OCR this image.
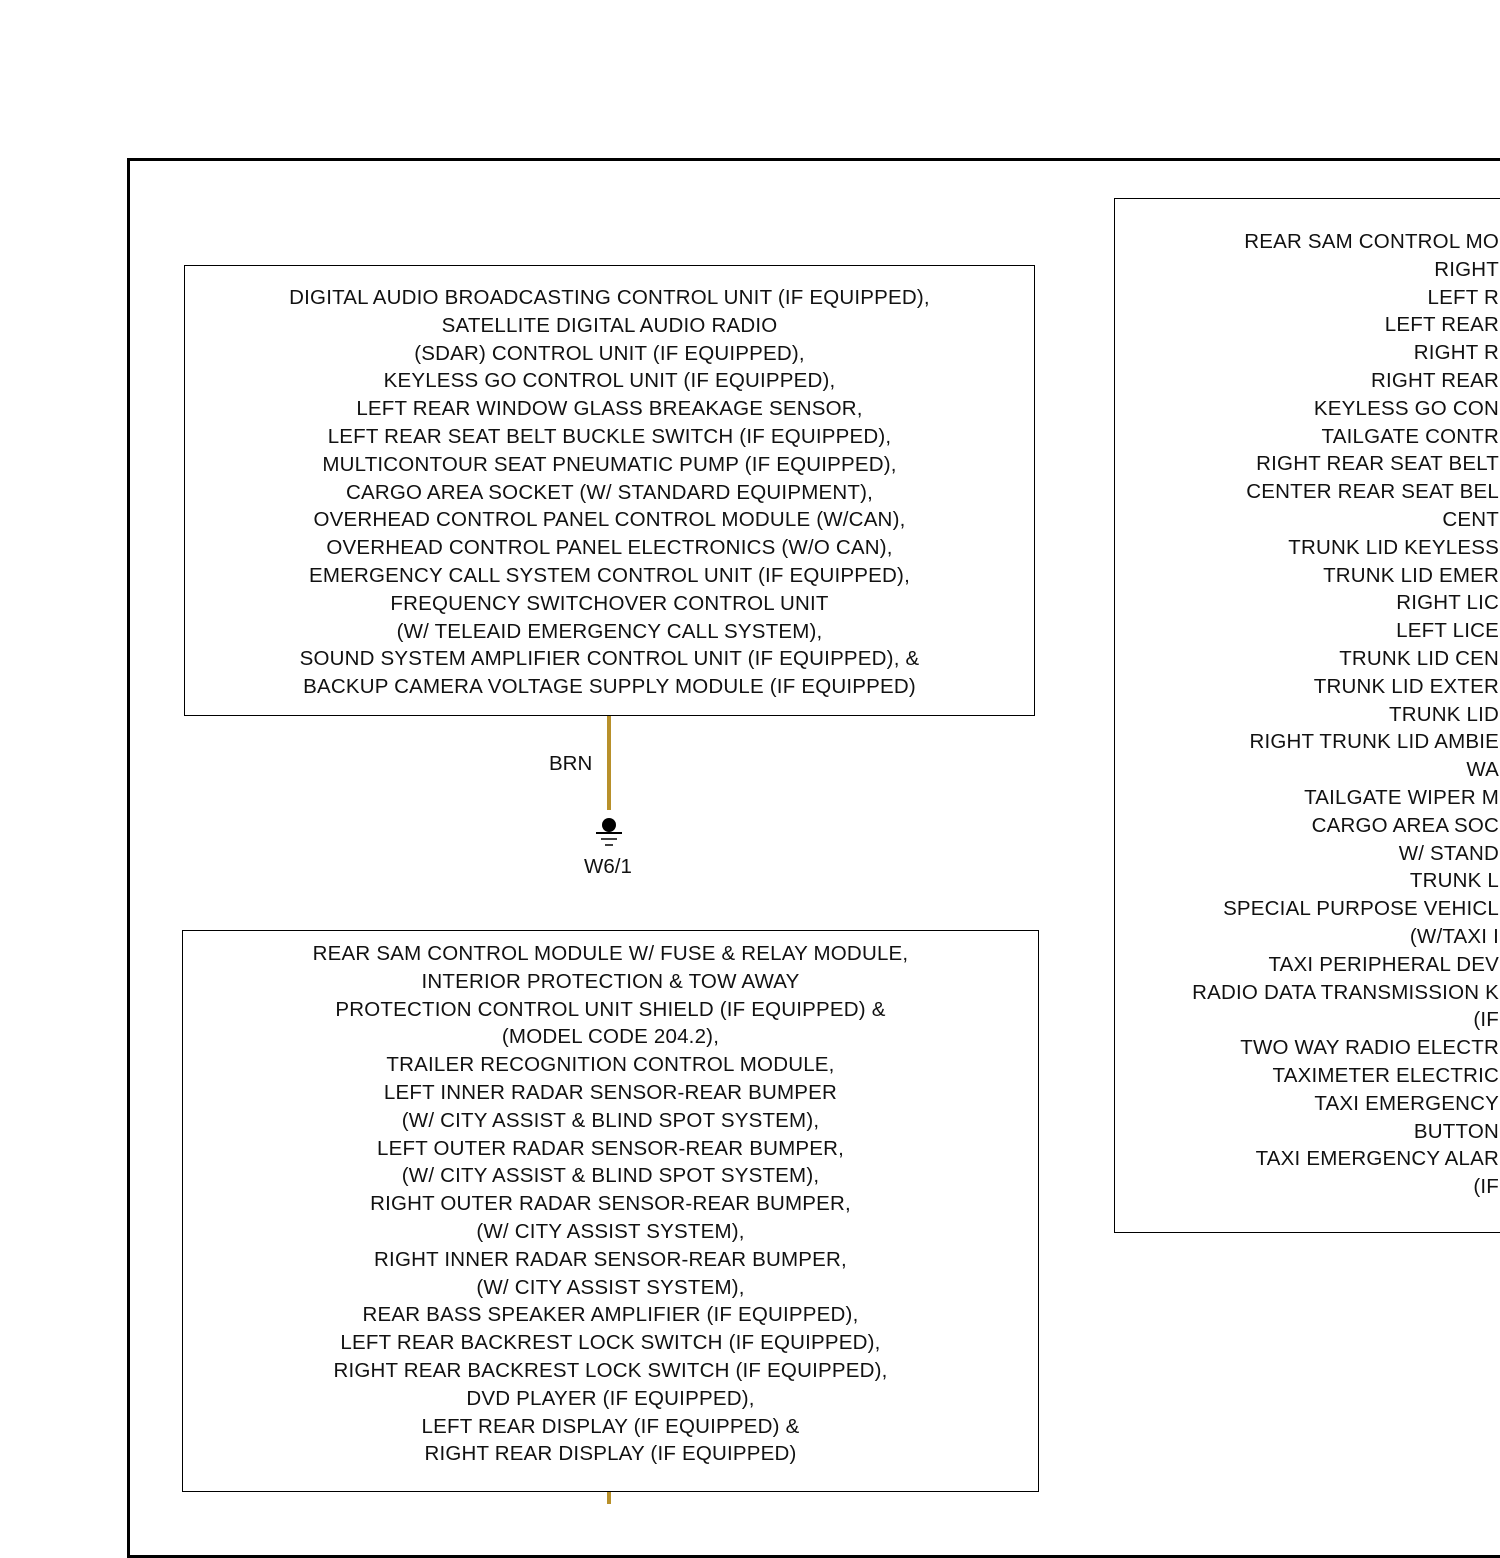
DIGITAL AUDIO BROADCASTING CONTROL UNIT (IF EQUIPPED),
SATELLITE DIGITAL AUDIO RADIO
(SDAR) CONTROL UNIT (IF EQUIPPED),
KEYLESS GO CONTROL UNIT (IF EQUIPPED),
LEFT REAR WINDOW GLASS BREAKAGE SENSOR,
LEFT REAR SEAT BELT BUCKLE SWITCH (IF EQUIPPED),
MULTICONTOUR SEAT PNEUMATIC PUMP (IF EQUIPPED),
CARGO AREA SOCKET (W/ STANDARD EQUIPMENT),
OVERHEAD CONTROL PANEL CONTROL MODULE (W/CAN),
OVERHEAD CONTROL PANEL ELECTRONICS (W/O CAN),
EMERGENCY CALL SYSTEM CONTROL UNIT (IF EQUIPPED),
FREQUENCY SWITCHOVER CONTROL UNIT
(W/ TELEAID EMERGENCY CALL SYSTEM),
SOUND SYSTEM AMPLIFIER CONTROL UNIT (IF EQUIPPED), &
BACKUP CAMERA VOLTAGE SUPPLY MODULE (IF EQUIPPED)
BRN
W6/1
REAR SAM CONTROL MODULE W/ FUSE & RELAY MODULE,
INTERIOR PROTECTION & TOW AWAY
PROTECTION CONTROL UNIT SHIELD (IF EQUIPPED) &
(MODEL CODE 204.2),
TRAILER RECOGNITION CONTROL MODULE,
LEFT INNER RADAR SENSOR-REAR BUMPER
(W/ CITY ASSIST & BLIND SPOT SYSTEM),
LEFT OUTER RADAR SENSOR-REAR BUMPER,
(W/ CITY ASSIST & BLIND SPOT SYSTEM),
RIGHT OUTER RADAR SENSOR-REAR BUMPER,
(W/ CITY ASSIST SYSTEM),
RIGHT INNER RADAR SENSOR-REAR BUMPER,
(W/ CITY ASSIST SYSTEM),
REAR BASS SPEAKER AMPLIFIER (IF EQUIPPED),
LEFT REAR BACKREST LOCK SWITCH (IF EQUIPPED),
RIGHT REAR BACKREST LOCK SWITCH (IF EQUIPPED),
DVD PLAYER (IF EQUIPPED),
LEFT REAR DISPLAY (IF EQUIPPED) &
RIGHT REAR DISPLAY (IF EQUIPPED)
REAR SAM CONTROL MO
RIGHT
LEFT R
LEFT REAR
RIGHT R
RIGHT REAR
KEYLESS GO CON
TAILGATE CONTR
RIGHT REAR SEAT BELT
CENTER REAR SEAT BEL
CENT
TRUNK LID KEYLESS
TRUNK LID EMER
RIGHT LIC
LEFT LICE
TRUNK LID CEN
TRUNK LID EXTER
TRUNK LID
RIGHT TRUNK LID AMBIE
WA
TAILGATE WIPER M
CARGO AREA SOC
W/ STAND
TRUNK L
SPECIAL PURPOSE VEHICL
(W/TAXI I
TAXI PERIPHERAL DEV
RADIO DATA TRANSMISSION K
(IF
TWO WAY RADIO ELECTR
TAXIMETER ELECTRIC
TAXI EMERGENCY
BUTTON
TAXI EMERGENCY ALAR
(IF
